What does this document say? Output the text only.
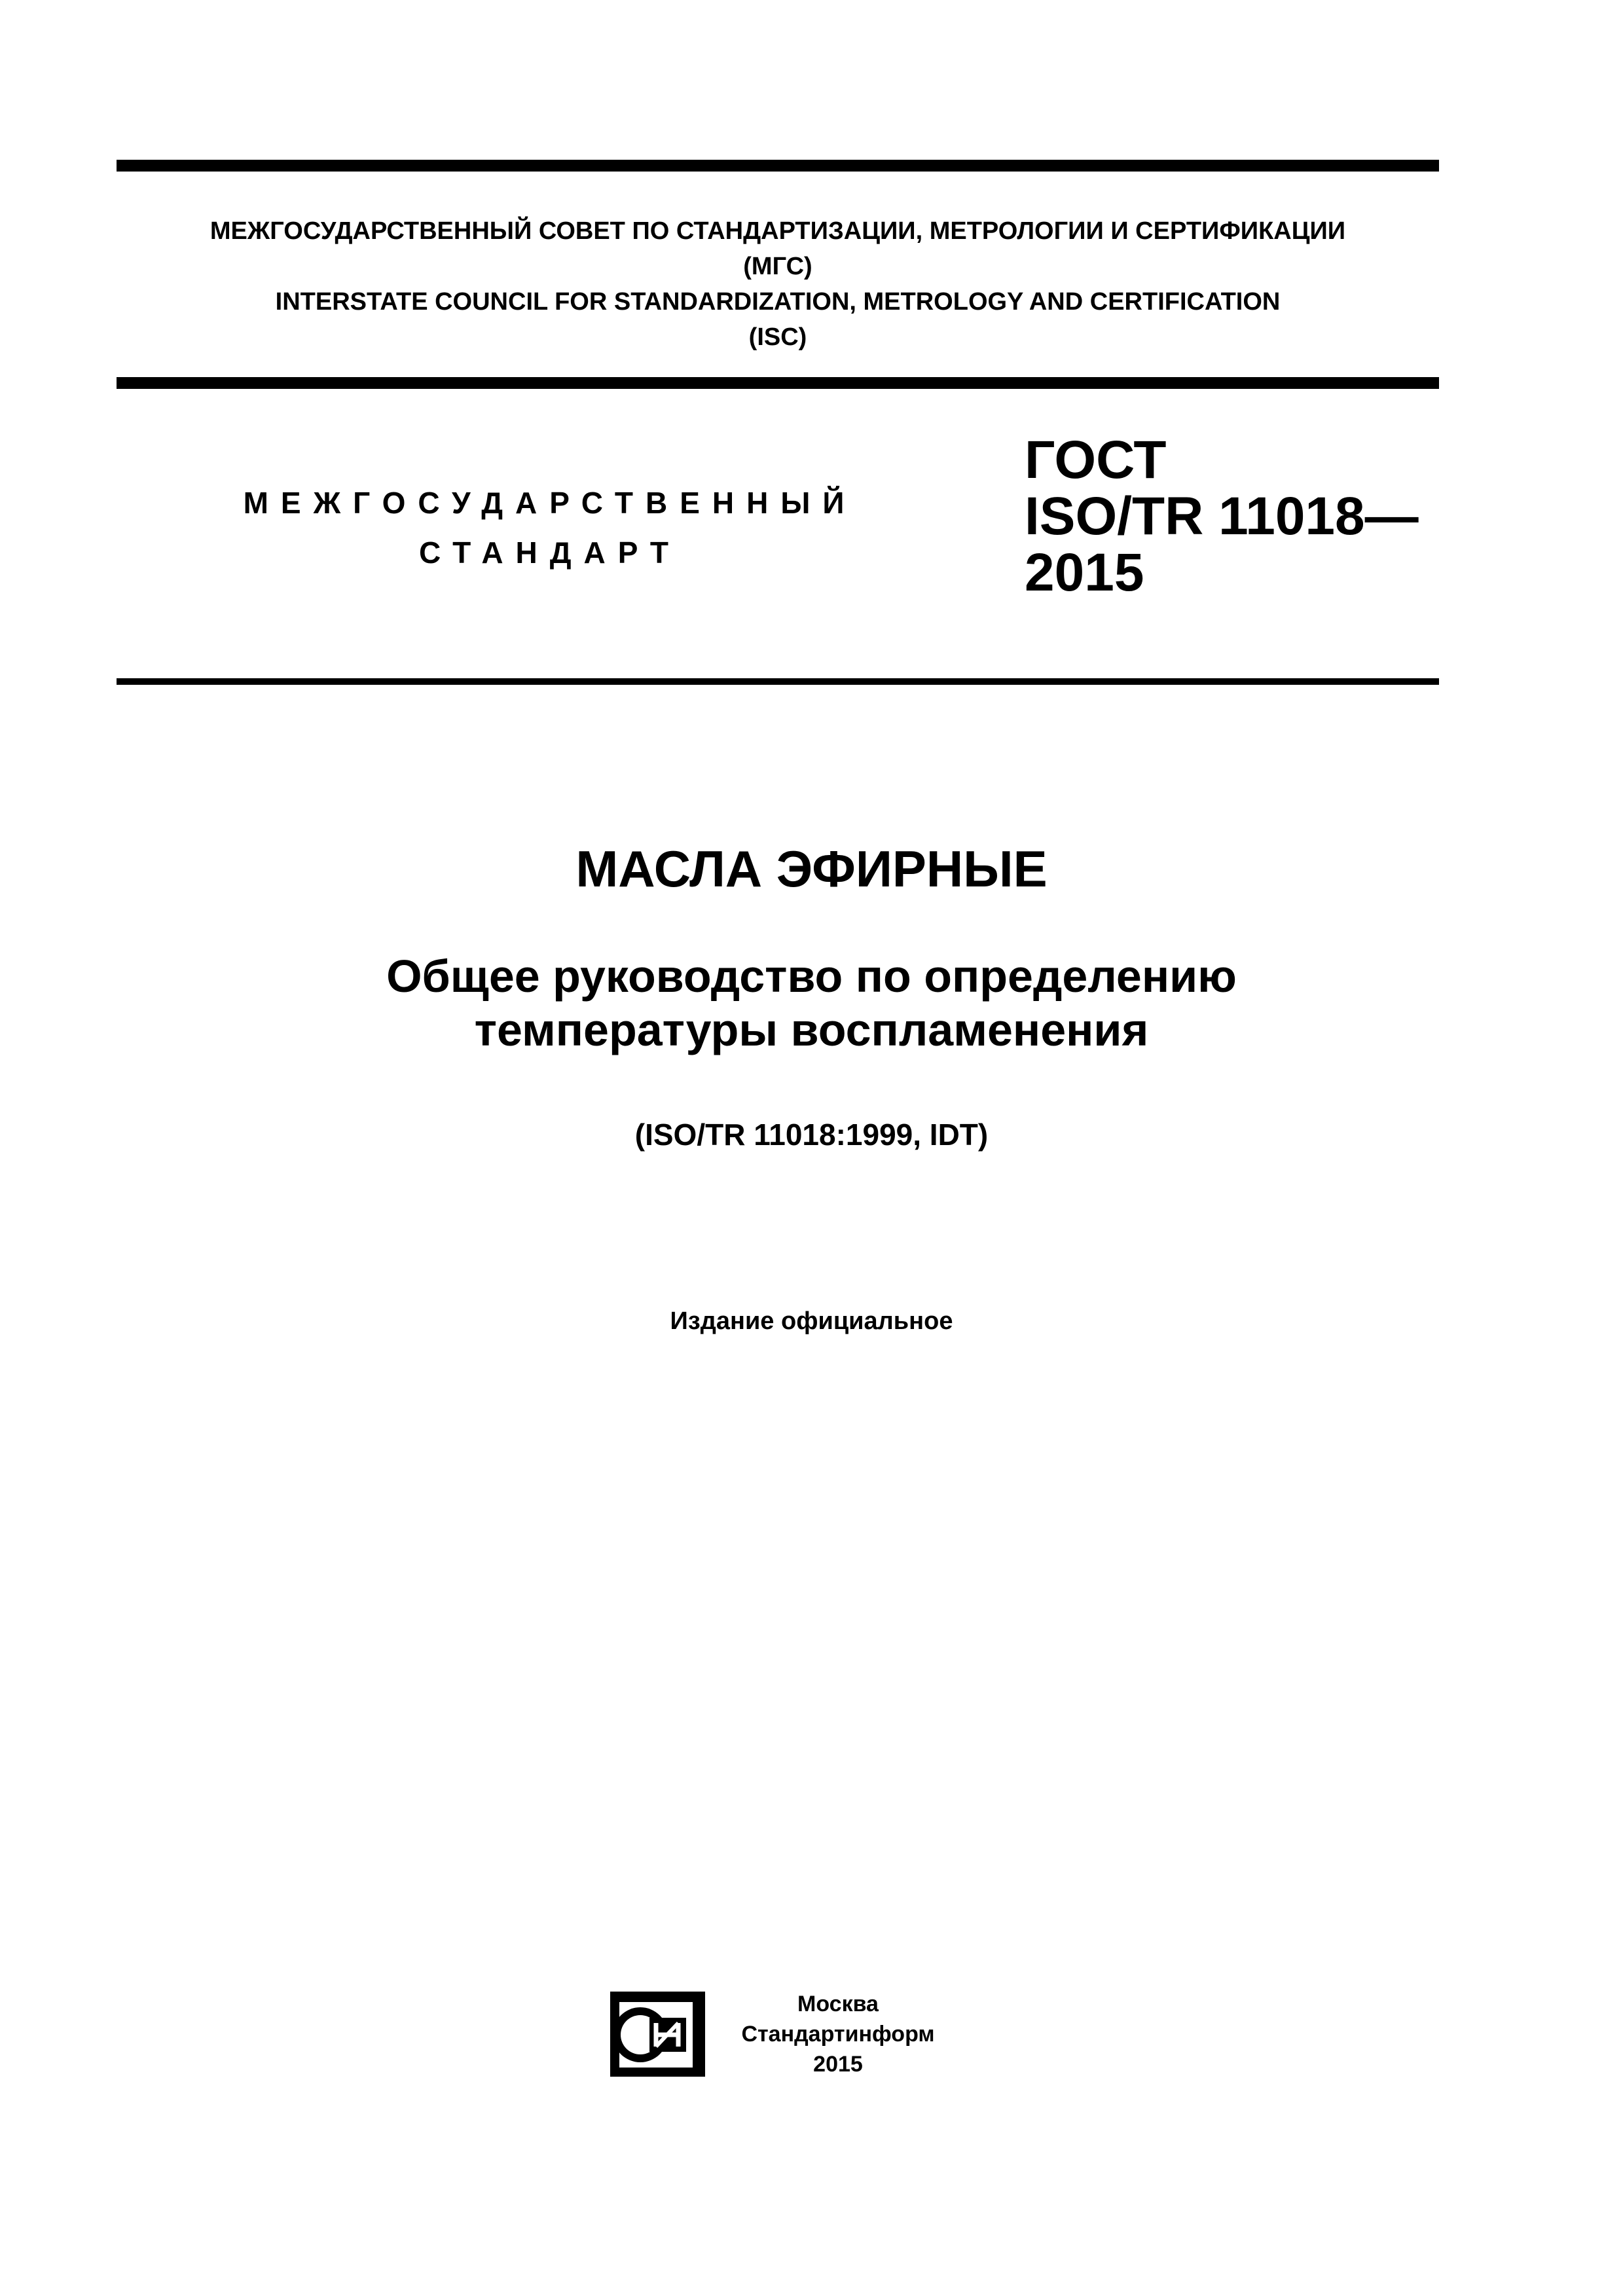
МЕЖГОСУДАРСТВЕННЫЙ СОВЕТ ПО СТАНДАРТИЗАЦИИ, МЕТРОЛОГИИ И СЕРТИФИКАЦИИ
(МГС)
INTERSTATE COUNCIL FOR STANDARDIZATION, METROLOGY AND CERTIFICATION
(ISC)
МЕЖГОСУДАРСТВЕННЫЙ
СТАНДАРТ
ГОСТ
ISO/TR 11018—
2015
МАСЛА ЭФИРНЫЕ
Общее руководство по определению
температуры воспламенения
(ISO/TR 11018:1999, IDT)
Издание официальное
Москва
Стандартинформ
2015
